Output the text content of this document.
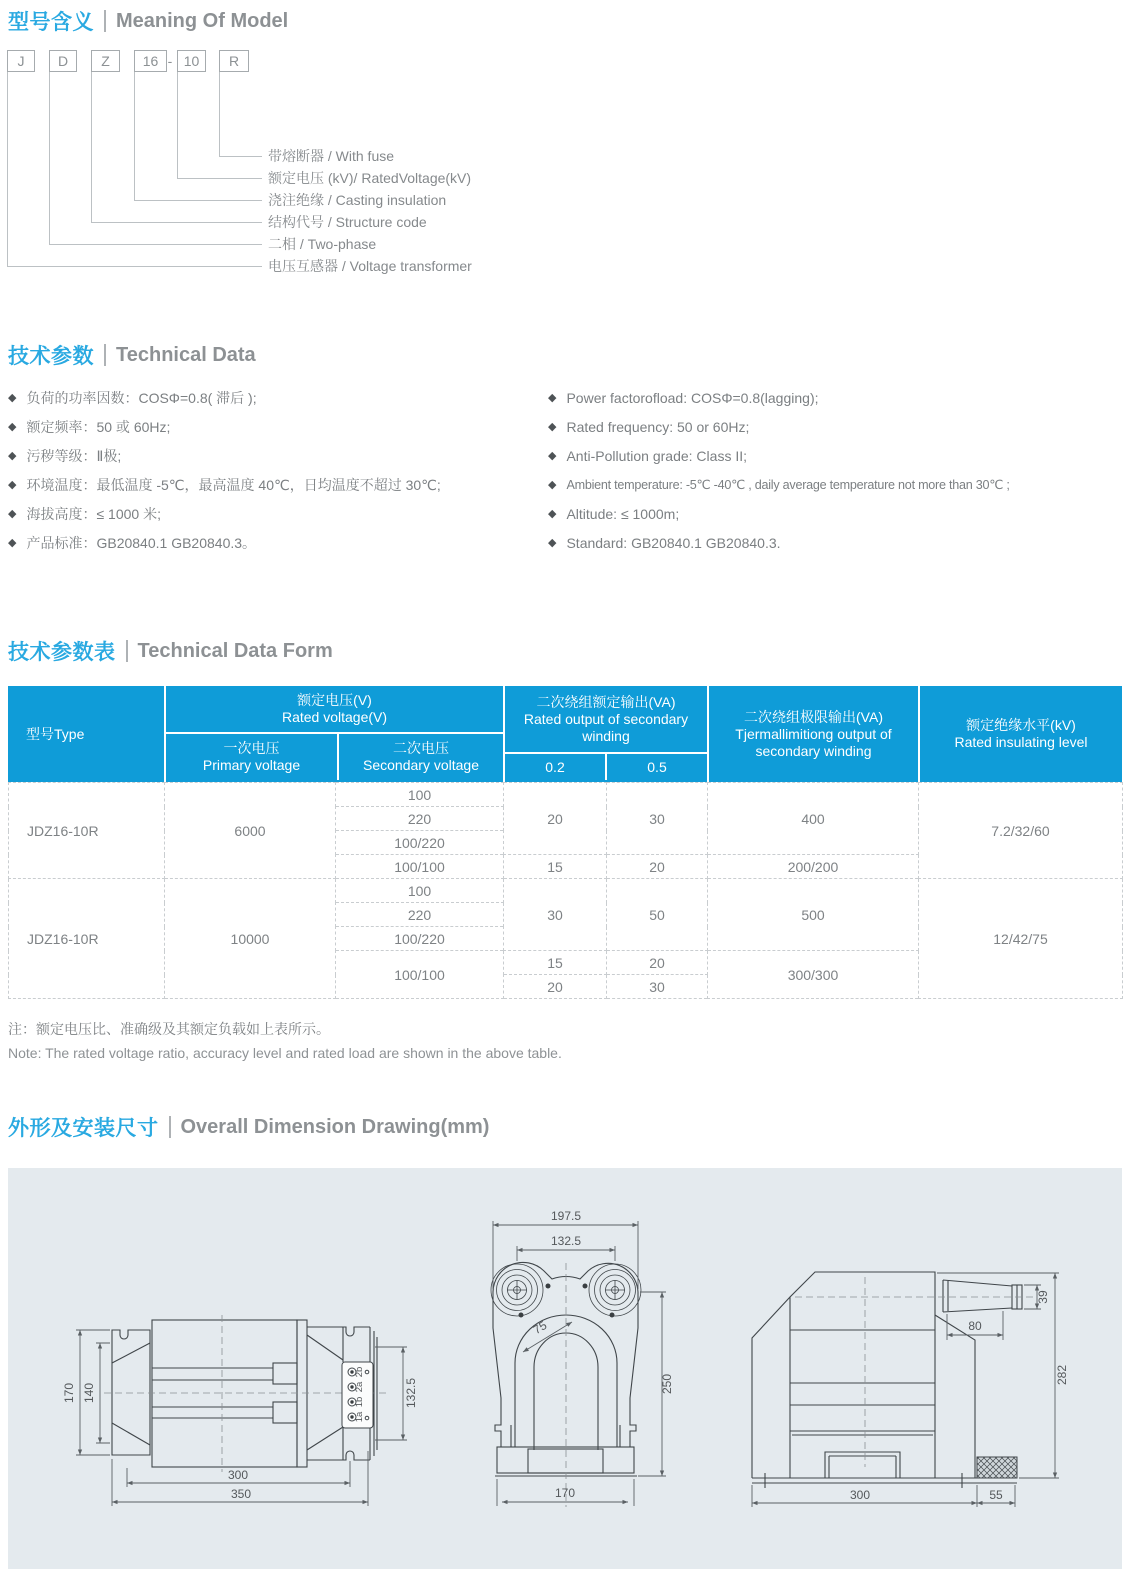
型号含义 Meaning Of Model
J	D	Z	16 - 10	R
带熔断器 / With fuse
额定电压 (kV)/ RatedVoltage(kV)
浇注绝缘 / Casting insulation
结构代号 / Structure code
二相 / Two-phase
电压互感器 / Voltage transformer
技术参数 Technical Data
◆ 负荷的功率因数：COSΦ=0.8( 滞后 );
◆ 额定频率：50 或 60Hz;
◆ 污秽等级：Ⅱ极;
◆ 环境温度：最低温度 -5℃，最高温度 40℃，日均温度不超过 30℃;
◆ 海拔高度：≤ 1000 米;
◆ 产品标准：GB20840.1 GB20840.3。
◆ Power factorofload: COSΦ=0.8(lagging);
◆ Rated frequency: 50 or 60Hz;
◆ Anti-Pollution grade: Class II;
◆ Ambient temperature: -5℃ -40℃ , daily average temperature not more than 30℃ ;
◆ Altitude: ≤ 1000m;
◆ Standard: GB20840.1 GB20840.3.
技术参数表 Technical Data Form
型号Type
额定电压(V)
Rated voltage(V)
一次电压
Primary voltage
二次电压
Secondary voltage
二次绕组额定输出(VA)
Rated output of secondary winding
0.2	0.5
二次绕组极限输出(VA)
Tjermallimitiong output of secondary winding
额定绝缘水平(kV)
Rated insulating level
JDZ16-10R	6000	100	20	30	400	7.2/32/60
		220				
		100/220				
		100/100	15	20	200/200	
JDZ16-10R	10000	100	30	50	500	12/42/75
		220				
		100/220				
		100/100	15	20	300/300	
			20	30		
注：额定电压比、准确级及其额定负载如上表所示。
Note: The rated voltage ratio, accuracy level and rated load are shown in the above table.
外形及安装尺寸 Overall Dimension Drawing(mm)
1a
1b
2a
2b
170 140	132.5
300
350
197.5
132.5
75
250
170
39
80
282
300	55
